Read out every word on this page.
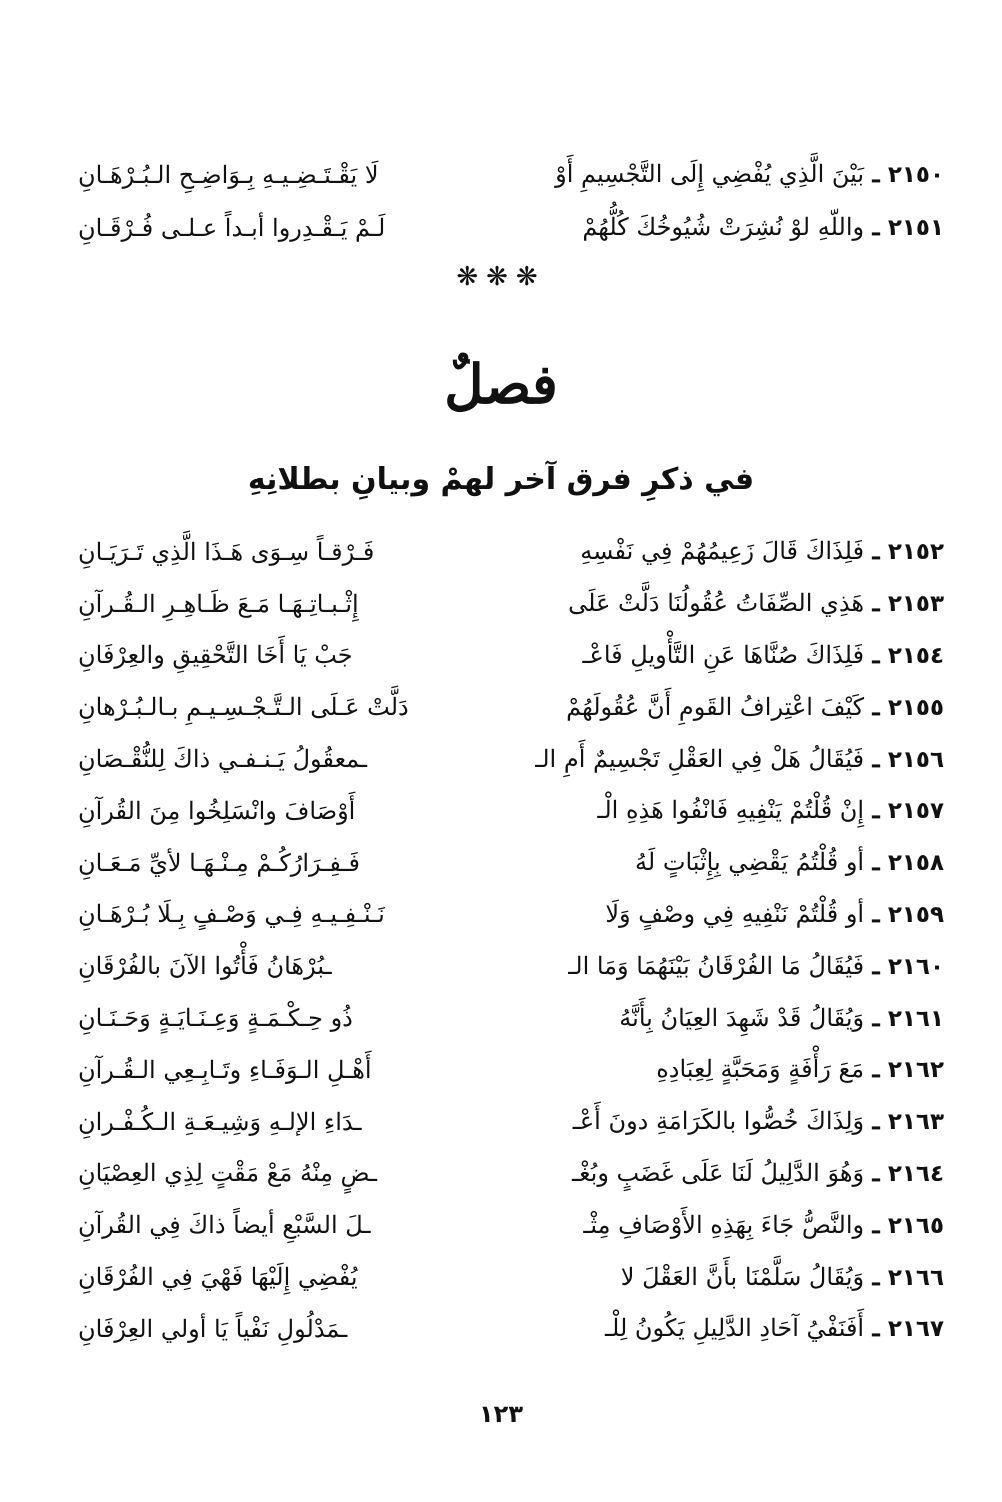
٢١٥٠ ـ بَيْنَ الَّذِي يُفْضِي إِلَى التَّجْسِيمِ أَوْ
لَا يَقْـتَـضِـيـهِ بِـوَاضِـحِ الـبُـرْهَـانِ
٢١٥١ ـ واللّهِ لوْ نُشِرَتْ شُيُوخُكَ كُلُّهُمْ
لَـمْ يَـقْـدِروا أبـداً عـلـى فُـرْقَـانِ
❋❋❋
فصلٌ
في ذكرِ فرق آخر لهمْ وبيانِ بطلانِهِ
٢١٥٢ ـ فَلِذَاكَ قَالَ زَعِيمُهُمْ فِي نَفْسِهِ
فَـرْقـاً سِـوَى هَـذَا الَّذِي تَـرَيَـانِ
٢١٥٣ ـ هَذِي الصِّفَاتُ عُقُولُنَا دَلَّتْ عَلَى
إِثْـبـاتِـهَـا مَـعَ ظَـاهِـرِ الـقُـرآنِ
٢١٥٤ ـ فَلِذَاكَ صُنَّاهَا عَنِ التَّأْويلِ فَاعْـ
جَبْ يَا أَخَا التَّحْقِيقِ والعِرْفَانِ
٢١٥٥ ـ كَيْفَ اعْتِرافُ القَومِ أَنَّ عُقُولَهُمْ
دَلَّتْ عَـلَى الـتَّـجْـسِـيـمِ بـالـبُـرْهانِ
٢١٥٦ ـ فَيُقَالُ هَلْ فِي العَقْلِ تَجْسِيمٌ أَمِ الـ
ـمعقُولُ يَـنـفـي ذاكَ لِلنُّقْـصَانِ
٢١٥٧ ـ إِنْ قُلْتُمْ يَنْفِيهِ فَانْفُوا هَذِهِ الْـ
أَوْصَافَ وانْسَلِخُوا مِنَ القُرآنِ
٢١٥٨ ـ أو قُلْتُمُ يَقْضِي بِإِثْبَاتٍ لَهُ
فَـفِـرَارُكُـمْ مِـنْـهَـا لأيِّ مَـعَـانِ
٢١٥٩ ـ أو قُلْتُمْ نَنْفِيهِ فِي وصْفٍ وَلَا
نَـنْـفِـيـهِ فِـي وَصْـفٍ بِـلَا بُـرْهَـانِ
٢١٦٠ ـ فَيُقَالُ مَا الفُرْقَانُ بَيْنَهُمَا وَمَا الـ
ـبُرْهَانُ فَأْتُوا الآنَ بالفُرْقَانِ
٢١٦١ ـ وَيُقَالُ قَدْ شَهِدَ العِيَانُ بِأَنَّهُ
ذُو حِـكْـمَـةٍ وَعِـنَـايَـةٍ وَحَـنَـانِ
٢١٦٢ ـ مَعَ رَأْفَةٍ وَمَحَبَّةٍ لِعِبَادِهِ
أَهْـلِ الـوَفَـاءِ وتَـابِـعِي الـقُـرآنِ
٢١٦٣ ـ وَلِذَاكَ خُصُّوا بالكَرَامَةِ دونَ أَعْـ
ـدَاءِ الإلـهِ وَشِيـعَـةِ الـكُـفْـرانِ
٢١٦٤ ـ وَهُوَ الدَّلِيلُ لَنَا عَلَى غَضَبٍ وبُغْـ
ـضٍ مِنْهُ مَعْ مَقْتٍ لِذِي العِصْيَانِ
٢١٦٥ ـ والنَّصُّ جَاءَ بِهَذِهِ الأَوْصَافِ مِثْـ
ـلَ السَّبْعِ أيضاً ذاكَ فِي القُرآنِ
٢١٦٦ ـ وَيُقَالُ سَلَّمْنَا بأَنَّ العَقْلَ لا
يُفْضِي إِلَيْهَا فَهْيَ فِي الفُرْقَانِ
٢١٦٧ ـ أَفَنَفْيُ آحَادِ الدَّلِيلِ يَكُونُ لِلْـ
ـمَدْلُولِ نَفْياً يَا أولي العِرْفَانِ
١٢٣
